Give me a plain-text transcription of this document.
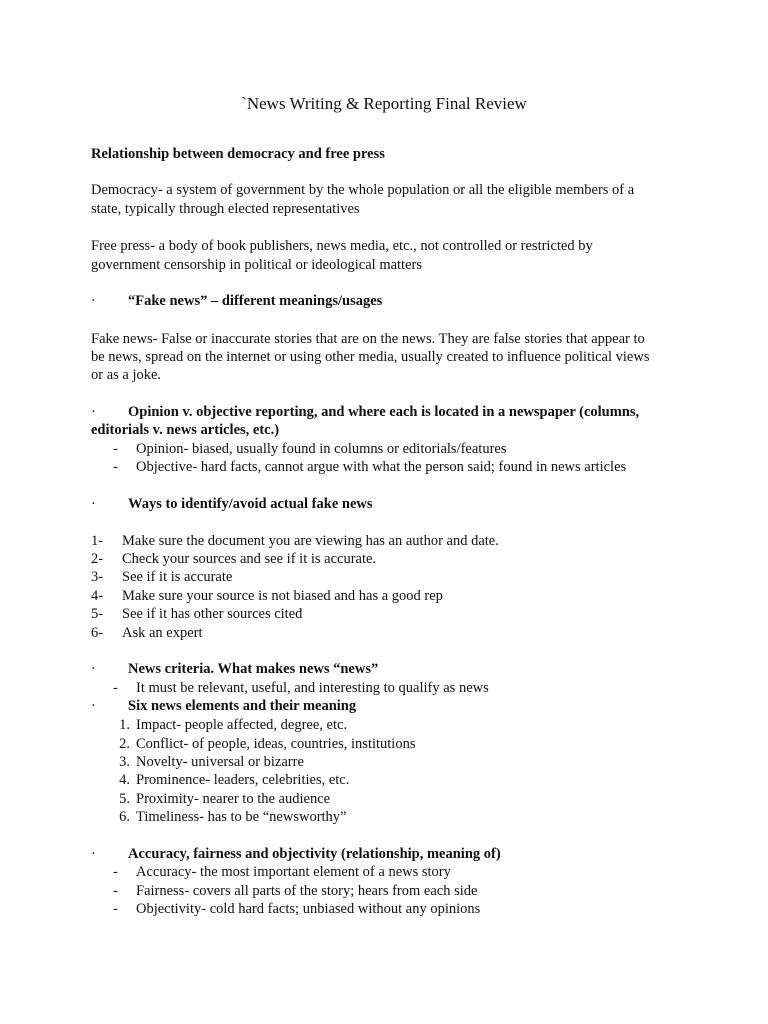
`News Writing & Reporting Final Review
Relationship between democracy and free press
Democracy- a system of government by the whole population or all the eligible members of a
state, typically through elected representatives
Free press- a body of book publishers, news media, etc., not controlled or restricted by
government censorship in political or ideological matters
·	“Fake news” – different meanings/usages
Fake news- False or inaccurate stories that are on the news. They are false stories that appear to
be news, spread on the internet or using other media, usually created to influence political views
or as a joke.
·	Opinion v. objective reporting, and where each is located in a newspaper (columns,
editorials v. news articles, etc.)
- Opinion- biased, usually found in columns or editorials/features
- Objective- hard facts, cannot argue with what the person said; found in news articles
·	Ways to identify/avoid actual fake news
1- Make sure the document you are viewing has an author and date.
2- Check your sources and see if it is accurate.
3- See if it is accurate
4- Make sure your source is not biased and has a good rep
5- See if it has other sources cited
6- Ask an expert
·	News criteria. What makes news “news”
- It must be relevant, useful, and interesting to qualify as news
·	Six news elements and their meaning
1. Impact- people affected, degree, etc.
2. Conflict- of people, ideas, countries, institutions
3. Novelty- universal or bizarre
4. Prominence- leaders, celebrities, etc.
5. Proximity- nearer to the audience
6. Timeliness- has to be “newsworthy”
·	Accuracy, fairness and objectivity (relationship, meaning of)
- Accuracy- the most important element of a news story
- Fairness- covers all parts of the story; hears from each side
- Objectivity- cold hard facts; unbiased without any opinions
